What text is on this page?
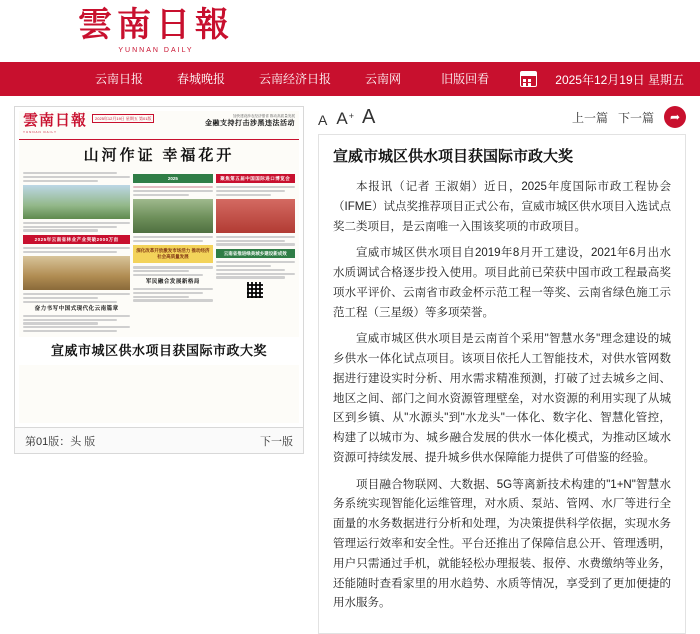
雲南日報
YUNNAN DAILY
云南日报	春城晚报	云南经济日报	云南网	旧版回看	2025年12月19日 星期五
雲南日報
YUNNAN DAILY
2025年12月19日 星期五 第01版	加快建设涉农经济强省 推动高质量发展
金融支持打击涉黑违法活动
山河作证 幸福花开
2025年云南省林业产业突破2000万亩
奋力书写中国式现代化云南篇章
2025
深化改革开放激发市场活力 推动经济社会高质量发展
军民融合发展新格局
聚焦第五届中国国际进口博览会
云南省推进绿美城乡建设新成效
宣威市城区供水项目获国际市政大奖
第01版：头 版	下一版
A A + A	上一篇 下一篇	➦
宣威市城区供水项目获国际市政大奖

本报讯（记者 王淑娟）近日，2025年度国际市政工程协会（IFME）试点奖推荐项目正式公布，宣威市城区供水项目入选试点奖二类项目，是云南唯一入围该奖项的市政项目。

宣威市城区供水项目自2019年8月开工建设，2021年6月出水水质调试合格逐步投入使用。项目此前已荣获中国市政工程最高奖项水平评价、云南省市政金杯示范工程一等奖、云南省绿色施工示范工程（三星级）等多项荣誉。

宣威市城区供水项目是云南首个采用"智慧水务"理念建设的城乡供水一体化试点项目。该项目依托人工智能技术，对供水管网数据进行建设实时分析、用水需求精准预测，打破了过去城乡之间、地区之间、部门之间水资源管理壁垒，对水资源的利用实现了从城区到乡镇、从"水源头"到"水龙头"一体化、数字化、智慧化管控，构建了以城市为、城乡融合发展的供水一体化模式，为推动区域水资源可持续发展、提升城乡供水保障能力提供了可借鉴的经验。

项目融合物联网、大数据、5G等离新技术构建的"1+N"智慧水务系统实现智能化运维管理，对水质、泵站、管网、水厂等进行全面量的水务数据进行分析和处理，为决策提供科学依据，实现水务管理运行效率和安全性。平台还推出了保障信息公开、管理透明，用户只需通过手机，就能轻松办理报装、报停、水费缴纳等业务，还能随时查看家里的用水趋势、水质等情况，享受到了更加便捷的用水服务。
